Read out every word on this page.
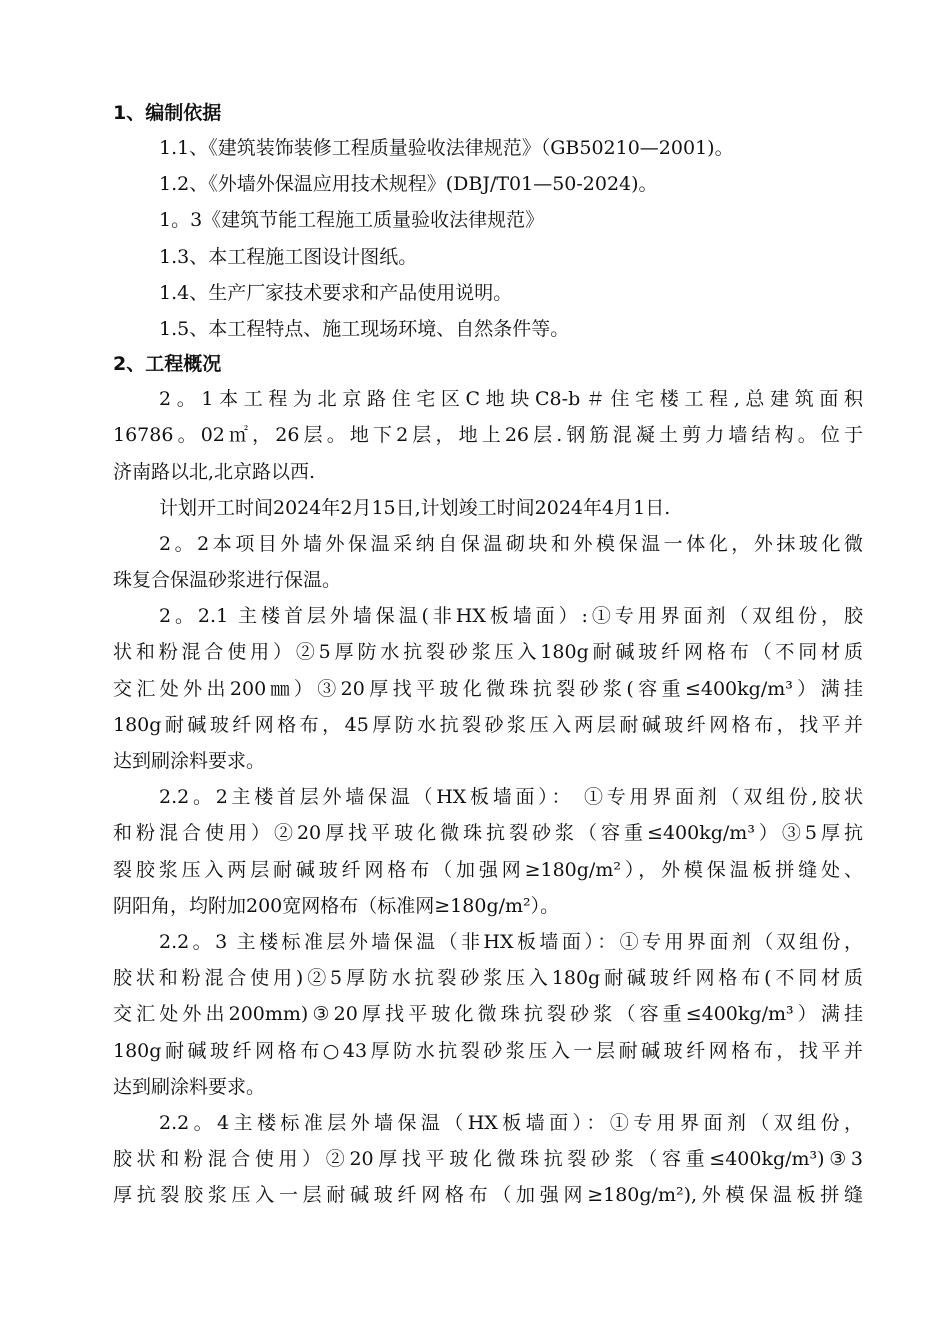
1、编制依据

1.1、《建筑装饰装修工程质量验收法律规范》（GB50210—2001)。

1.2、《外墙外保温应用技术规程》(DBJ/T01—50-2024)。

1。3《建筑节能工程施工质量验收法律规范》

1.3、本工程施工图设计图纸。

1.4、生产厂家技术要求和产品使用说明。

1.5、本工程特点、施工现场环境、自然条件等。

2、工程概况

2。1本工程为北京路住宅区C地块C8-b＃住宅楼工程,总建筑面积

16786。02㎡，26层。地下2层，地上26层.钢筋混凝土剪力墙结构。位于

济南路以北,北京路以西.

计划开工时间2024年2月15日,计划竣工时间2024年4月1日.

2。2本项目外墙外保温采纳自保温砌块和外模保温一体化，外抹玻化微

珠复合保温砂浆进行保温。

2。2.1 主楼首层外墙保温(非HX板墙面）:①专用界面剂（双组份，胶

状和粉混合使用）②5厚防水抗裂砂浆压入180g耐碱玻纤网格布（不同材质

交汇处外出200㎜）③20厚找平玻化微珠抗裂砂浆(容重≤400kg/m³）满挂

180g耐碱玻纤网格布，45厚防水抗裂砂浆压入两层耐碱玻纤网格布，找平并

达到刷涂料要求。

2.2。2主楼首层外墙保温（HX板墙面）： ①专用界面剂（双组份,胶状

和粉混合使用）②20厚找平玻化微珠抗裂砂浆（容重≤400kg/m³）③5厚抗

裂胶浆压入两层耐碱玻纤网格布（加强网≥180g/m²），外模保温板拼缝处、

阴阳角，均附加200宽网格布（标准网≥180g/m²）。

2.2。3 主楼标准层外墙保温（非HX板墙面）：①专用界面剂（双组份，

胶状和粉混合使用)②5厚防水抗裂砂浆压入180g耐碱玻纤网格布(不同材质

交汇处外出200mm)③20厚找平玻化微珠抗裂砂浆（容重≤400kg/m³）满挂

180g耐碱玻纤网格布○43厚防水抗裂砂浆压入一层耐碱玻纤网格布，找平并

达到刷涂料要求。

2.2。4主楼标准层外墙保温（HX板墙面）：①专用界面剂（双组份，

胶状和粉混合使用）②20厚找平玻化微珠抗裂砂浆（容重≤400kg/m³)③3

厚抗裂胶浆压入一层耐碱玻纤网格布（加强网≥180g/m²),外模保温板拼缝
